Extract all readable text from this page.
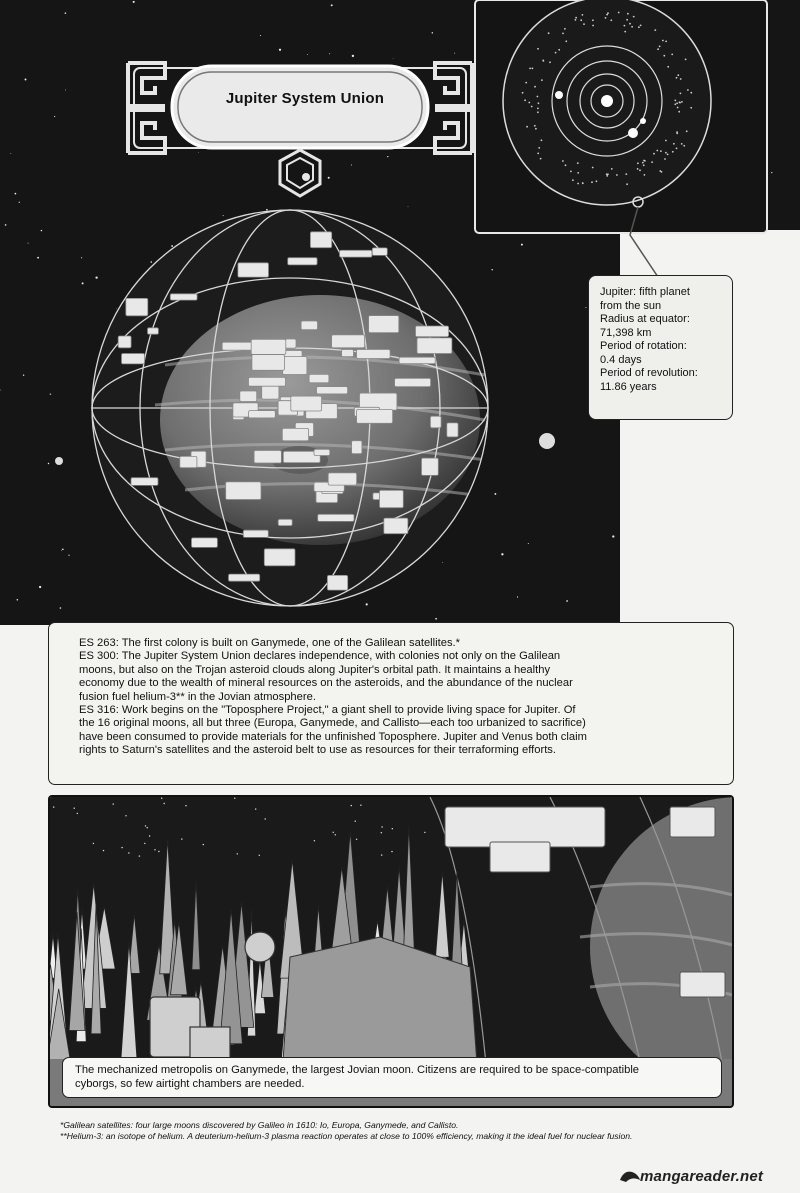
Jupiter System Union
Jupiter: fifth planet
from the sun
Radius at equator:
71,398 km
Period of rotation:
0.4 days
Period of revolution:
11.86 years
ES 263: The first colony is built on Ganymede, one of the Galilean satellites.*
ES 300: The Jupiter System Union declares independence, with colonies not only on the Galilean
moons, but also on the Trojan asteroid clouds along Jupiter's orbital path. It maintains a healthy
economy due to the wealth of mineral resources on the asteroids, and the abundance of the nuclear
fusion fuel helium-3** in the Jovian atmosphere.
ES 316: Work begins on the "Toposphere Project," a giant shell to provide living space for Jupiter. Of
the 16 original moons, all but three (Europa, Ganymede, and Callisto—each too urbanized to sacrifice)
have been consumed to provide materials for the unfinished Toposphere. Jupiter and Venus both claim
rights to Saturn's satellites and the asteroid belt to use as resources for their terraforming efforts.
The mechanized metropolis on Ganymede, the largest Jovian moon. Citizens are required to be space-compatible
cyborgs, so few airtight chambers are needed.
*Galilean satellites: four large moons discovered by Galileo in 1610: Io, Europa, Ganymede, and Callisto.
**Helium-3: an isotope of helium. A deuterium-helium-3 plasma reaction operates at close to 100% efficiency, making it the ideal fuel for nuclear fusion.
mangareader.net
